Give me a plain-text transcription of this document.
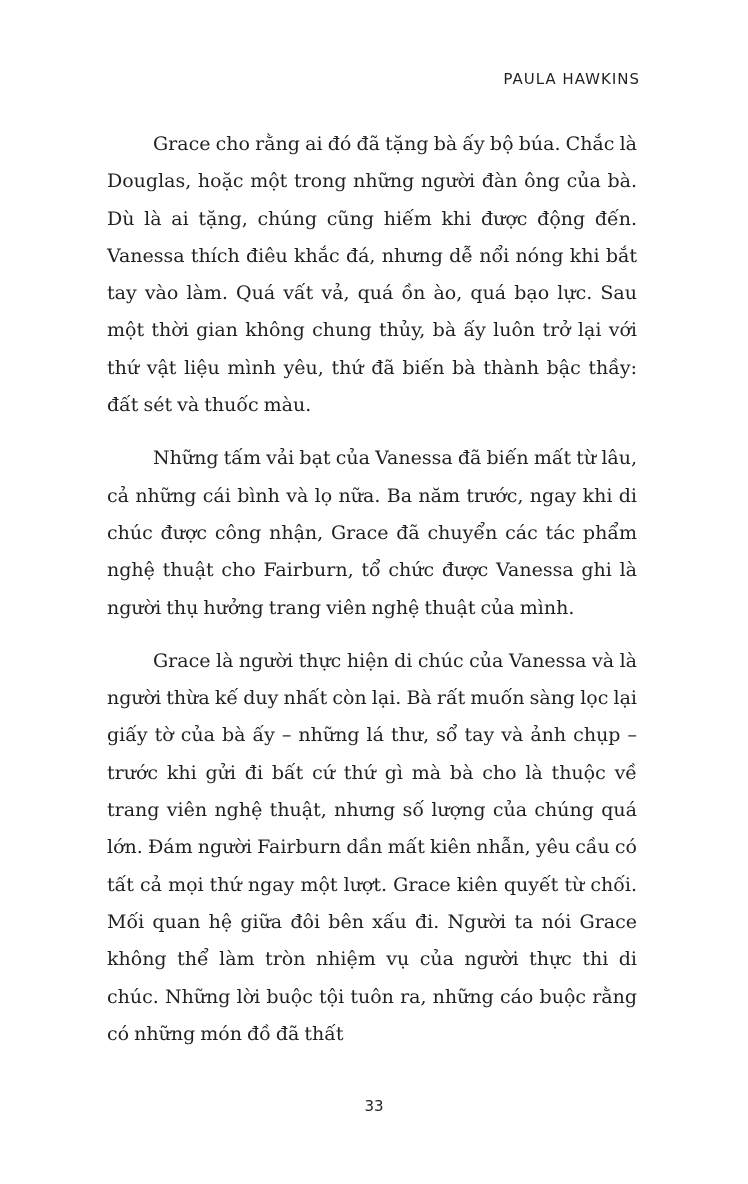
PAULA HAWKINS

Grace cho rằng ai đó đã tặng bà ấy bộ búa. Chắc là Douglas, hoặc một trong những người đàn ông của bà. Dù là ai tặng, chúng cũng hiếm khi được động đến. Vanessa thích điêu khắc đá, nhưng dễ nổi nóng khi bắt tay vào làm. Quá vất vả, quá ồn ào, quá bạo lực. Sau một thời gian không chung thủy, bà ấy luôn trở lại với thứ vật liệu mình yêu, thứ đã biến bà thành bậc thầy: đất sét và thuốc màu.

Những tấm vải bạt của Vanessa đã biến mất từ lâu, cả những cái bình và lọ nữa. Ba năm trước, ngay khi di chúc được công nhận, Grace đã chuyển các tác phẩm nghệ thuật cho Fairburn, tổ chức được Vanessa ghi là người thụ hưởng trang viên nghệ thuật của mình.

Grace là người thực hiện di chúc của Vanessa và là người thừa kế duy nhất còn lại. Bà rất muốn sàng lọc lại giấy tờ của bà ấy – những lá thư, sổ tay và ảnh chụp – trước khi gửi đi bất cứ thứ gì mà bà cho là thuộc về trang viên nghệ thuật, nhưng số lượng của chúng quá lớn. Đám người Fairburn dần mất kiên nhẫn, yêu cầu có tất cả mọi thứ ngay một lượt. Grace kiên quyết từ chối. Mối quan hệ giữa đôi bên xấu đi. Người ta nói Grace không thể làm tròn nhiệm vụ của người thực thi di chúc. Những lời buộc tội tuôn ra, những cáo buộc rằng có những món đồ đã thất

33
